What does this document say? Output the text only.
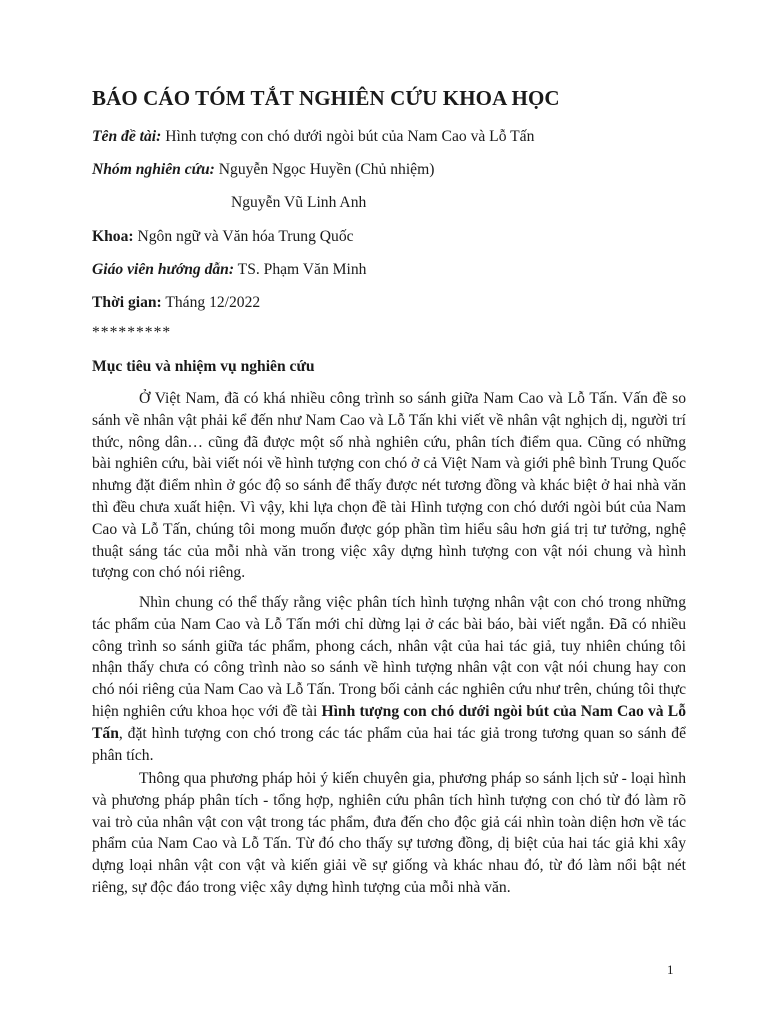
BÁO CÁO TÓM TẮT NGHIÊN CỨU KHOA HỌC
Tên đề tài: Hình tượng con chó dưới ngòi bút của Nam Cao và Lỗ Tấn
Nhóm nghiên cứu: Nguyễn Ngọc Huyền (Chủ nhiệm)
Nguyễn Vũ Linh Anh
Khoa: Ngôn ngữ và Văn hóa Trung Quốc
Giáo viên hướng dẫn: TS. Phạm Văn Minh
Thời gian: Tháng 12/2022
*********
Mục tiêu và nhiệm vụ nghiên cứu

Ở Việt Nam, đã có khá nhiều công trình so sánh giữa Nam Cao và Lỗ Tấn. Vấn đề so sánh về nhân vật phải kể đến như Nam Cao và Lỗ Tấn khi viết về nhân vật nghịch dị, người trí thức, nông dân… cũng đã được một số nhà nghiên cứu, phân tích điểm qua. Cũng có những bài nghiên cứu, bài viết nói về hình tượng con chó ở cả Việt Nam và giới phê bình Trung Quốc nhưng đặt điểm nhìn ở góc độ so sánh để thấy được nét tương đồng và khác biệt ở hai nhà văn thì đều chưa xuất hiện. Vì vậy, khi lựa chọn đề tài Hình tượng con chó dưới ngòi bút của Nam Cao và Lỗ Tấn, chúng tôi mong muốn được góp phần tìm hiểu sâu hơn giá trị tư tưởng, nghệ thuật sáng tác của mỗi nhà văn trong việc xây dựng hình tượng con vật nói chung và hình tượng con chó nói riêng.

Nhìn chung có thể thấy rằng việc phân tích hình tượng nhân vật con chó trong những tác phẩm của Nam Cao và Lỗ Tấn mới chỉ dừng lại ở các bài báo, bài viết ngắn. Đã có nhiều công trình so sánh giữa tác phẩm, phong cách, nhân vật của hai tác giả, tuy nhiên chúng tôi nhận thấy chưa có công trình nào so sánh về hình tượng nhân vật con vật nói chung hay con chó nói riêng của Nam Cao và Lỗ Tấn. Trong bối cảnh các nghiên cứu như trên, chúng tôi thực hiện nghiên cứu khoa học với đề tài Hình tượng con chó dưới ngòi bút của Nam Cao và Lỗ Tấn, đặt hình tượng con chó trong các tác phẩm của hai tác giả trong tương quan so sánh để phân tích.

Thông qua phương pháp hỏi ý kiến chuyên gia, phương pháp so sánh lịch sử - loại hình và phương pháp phân tích - tổng hợp, nghiên cứu phân tích hình tượng con chó từ đó làm rõ vai trò của nhân vật con vật trong tác phẩm, đưa đến cho độc giả cái nhìn toàn diện hơn về tác phẩm của Nam Cao và Lỗ Tấn. Từ đó cho thấy sự tương đồng, dị biệt của hai tác giả khi xây dựng loại nhân vật con vật và kiến giải về sự giống và khác nhau đó, từ đó làm nổi bật nét riêng, sự độc đáo trong việc xây dựng hình tượng của mỗi nhà văn.

1
